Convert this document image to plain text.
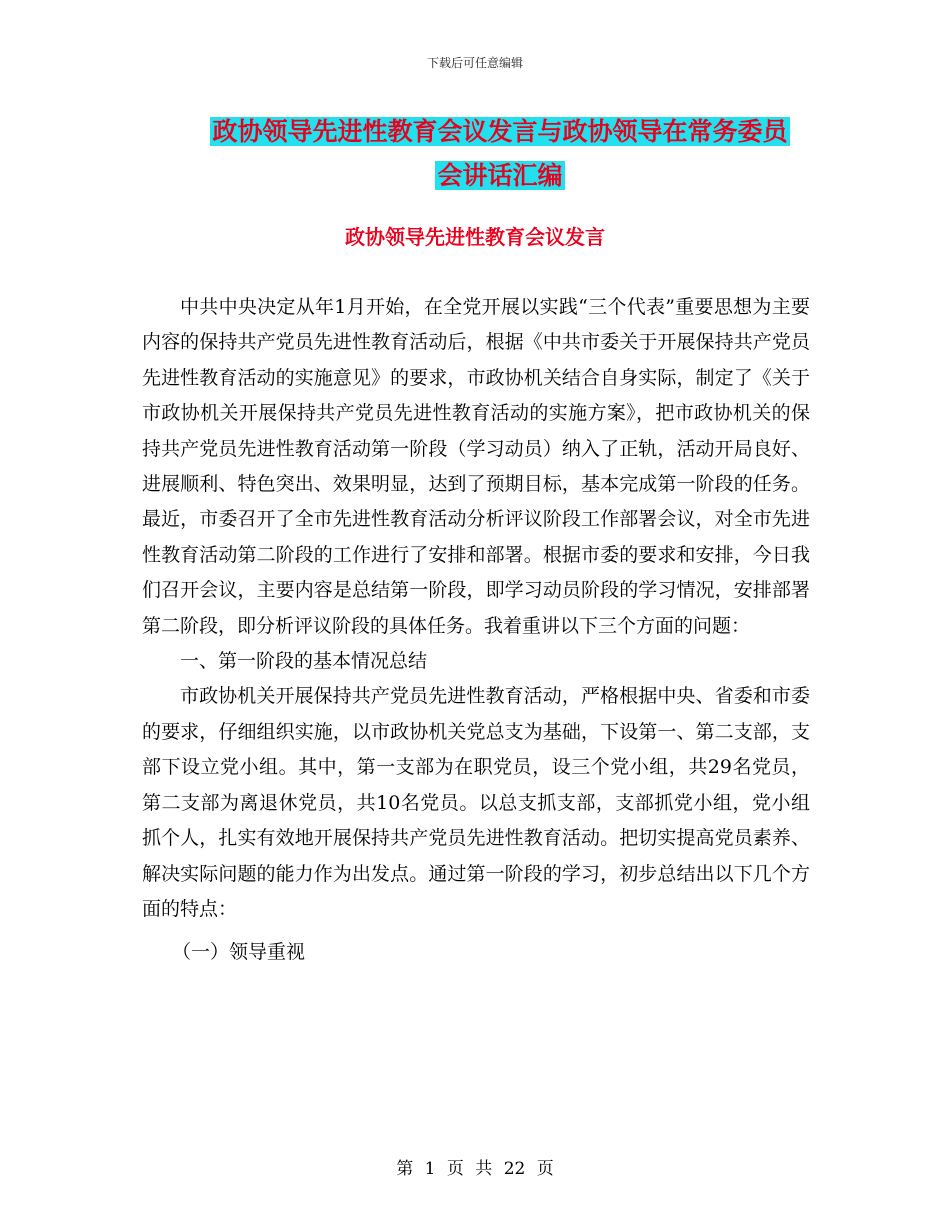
下载后可任意编辑
政协领导先进性教育会议发言与政协领导在常务委员
会讲话汇编
政协领导先进性教育会议发言

中共中央决定从年1月开始，在全党开展以实践“三个代表”重要思想为主要内容的保持共产党员先进性教育活动后，根据《中共市委关于开展保持共产党员先进性教育活动的实施意见》的要求，市政协机关结合自身实际，制定了《关于市政协机关开展保持共产党员先进性教育活动的实施方案》，把市政协机关的保持共产党员先进性教育活动第一阶段（学习动员）纳入了正轨，活动开局良好、进展顺利、特色突出、效果明显，达到了预期目标，基本完成第一阶段的任务。最近，市委召开了全市先进性教育活动分析评议阶段工作部署会议，对全市先进性教育活动第二阶段的工作进行了安排和部署。根据市委的要求和安排，今日我们召开会议，主要内容是总结第一阶段，即学习动员阶段的学习情况，安排部署第二阶段，即分析评议阶段的具体任务。我着重讲以下三个方面的问题：

一、第一阶段的基本情况总结

市政协机关开展保持共产党员先进性教育活动，严格根据中央、省委和市委的要求，仔细组织实施，以市政协机关党总支为基础，下设第一、第二支部，支部下设立党小组。其中，第一支部为在职党员，设三个党小组，共29名党员，第二支部为离退休党员，共10名党员。以总支抓支部，支部抓党小组，党小组抓个人，扎实有效地开展保持共产党员先进性教育活动。把切实提高党员素养、解决实际问题的能力作为出发点。通过第一阶段的学习，初步总结出以下几个方面的特点：

（一）领导重视

第 1 页 共 22 页
